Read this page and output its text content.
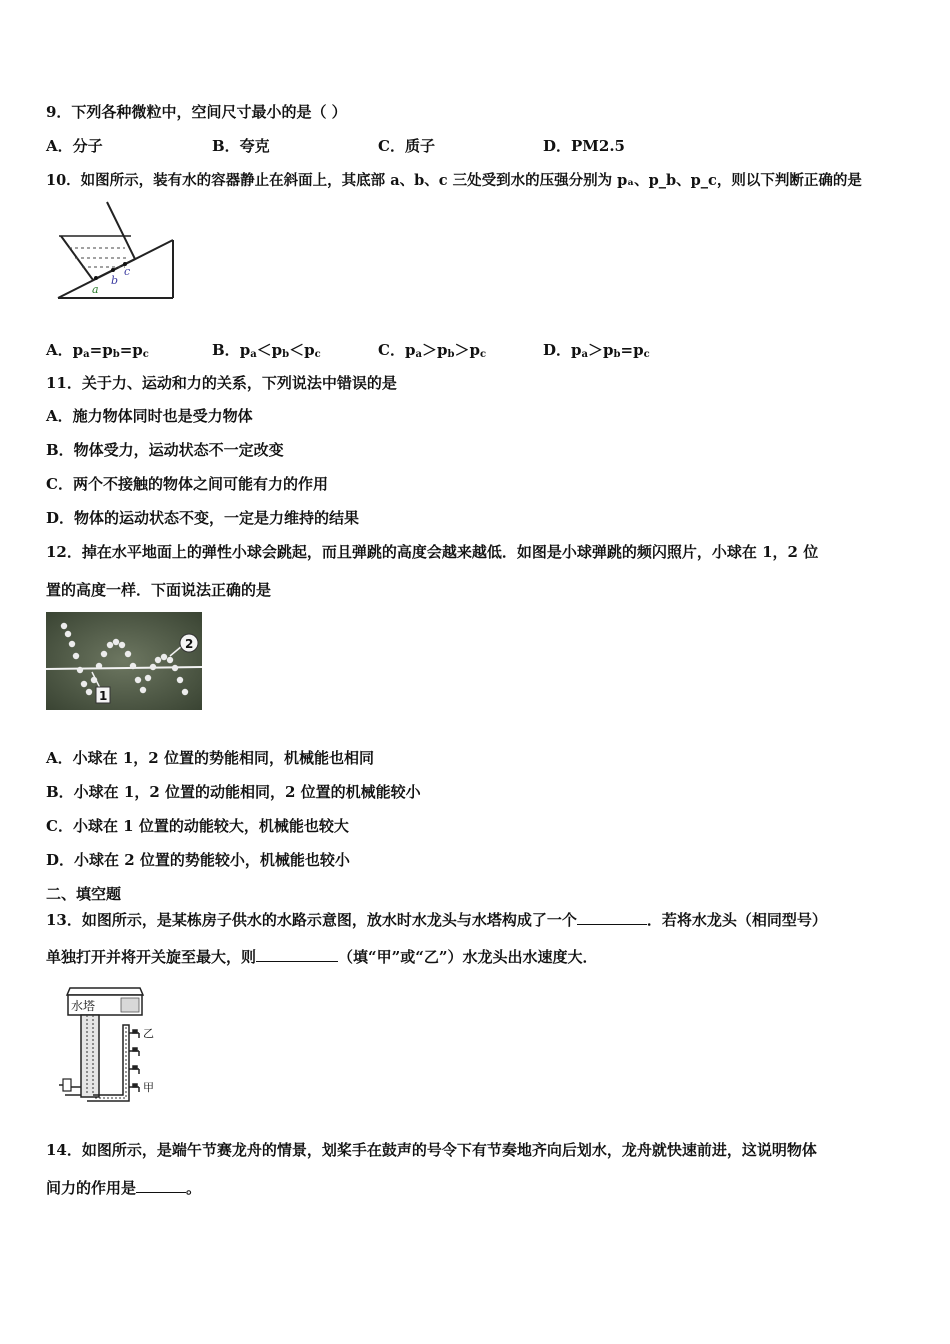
9．下列各种微粒中，空间尺寸最小的是（ ）
A．分子	B．夸克	C．质子	D．PM2.5
10．如图所示，装有水的容器静止在斜面上，其底部 a、b、c 三处受到水的压强分别为 pₐ、p_b、p_c，则以下判断正确的是
a
b
c
A．$p_a=p_b=p_c$	B．$p_a<p_b<p_c$	C．$p_a>p_b>p_c$	D．$p_a>p_b=p_c$
11．关于力、运动和力的关系，下列说法中错误的是
A．施力物体同时也是受力物体
B．物体受力，运动状态不一定改变
C．两个不接触的物体之间可能有力的作用
D．物体的运动状态不变，一定是力维持的结果
12．掉在水平地面上的弹性小球会跳起，而且弹跳的高度会越来越低．如图是小球弹跳的频闪照片，小球在 1，2 位
置的高度一样．下面说法正确的是
1
2
A．小球在 1，2 位置的势能相同，机械能也相同
B．小球在 1，2 位置的动能相同，2 位置的机械能较小
C．小球在 1 位置的动能较大，机械能也较大
D．小球在 2 位置的势能较小，机械能也较小
二、填空题
13．如图所示，是某栋房子供水的水路示意图，放水时水龙头与水塔构成了一个	．若将水龙头（相同型号）
单独打开并将开关旋至最大，则	（填“甲”或“乙”）水龙头出水速度大．
水塔
乙
甲
14．如图所示，是端午节赛龙舟的情景，划桨手在鼓声的号令下有节奏地齐向后划水，龙舟就快速前进，这说明物体
间力的作用是	。
